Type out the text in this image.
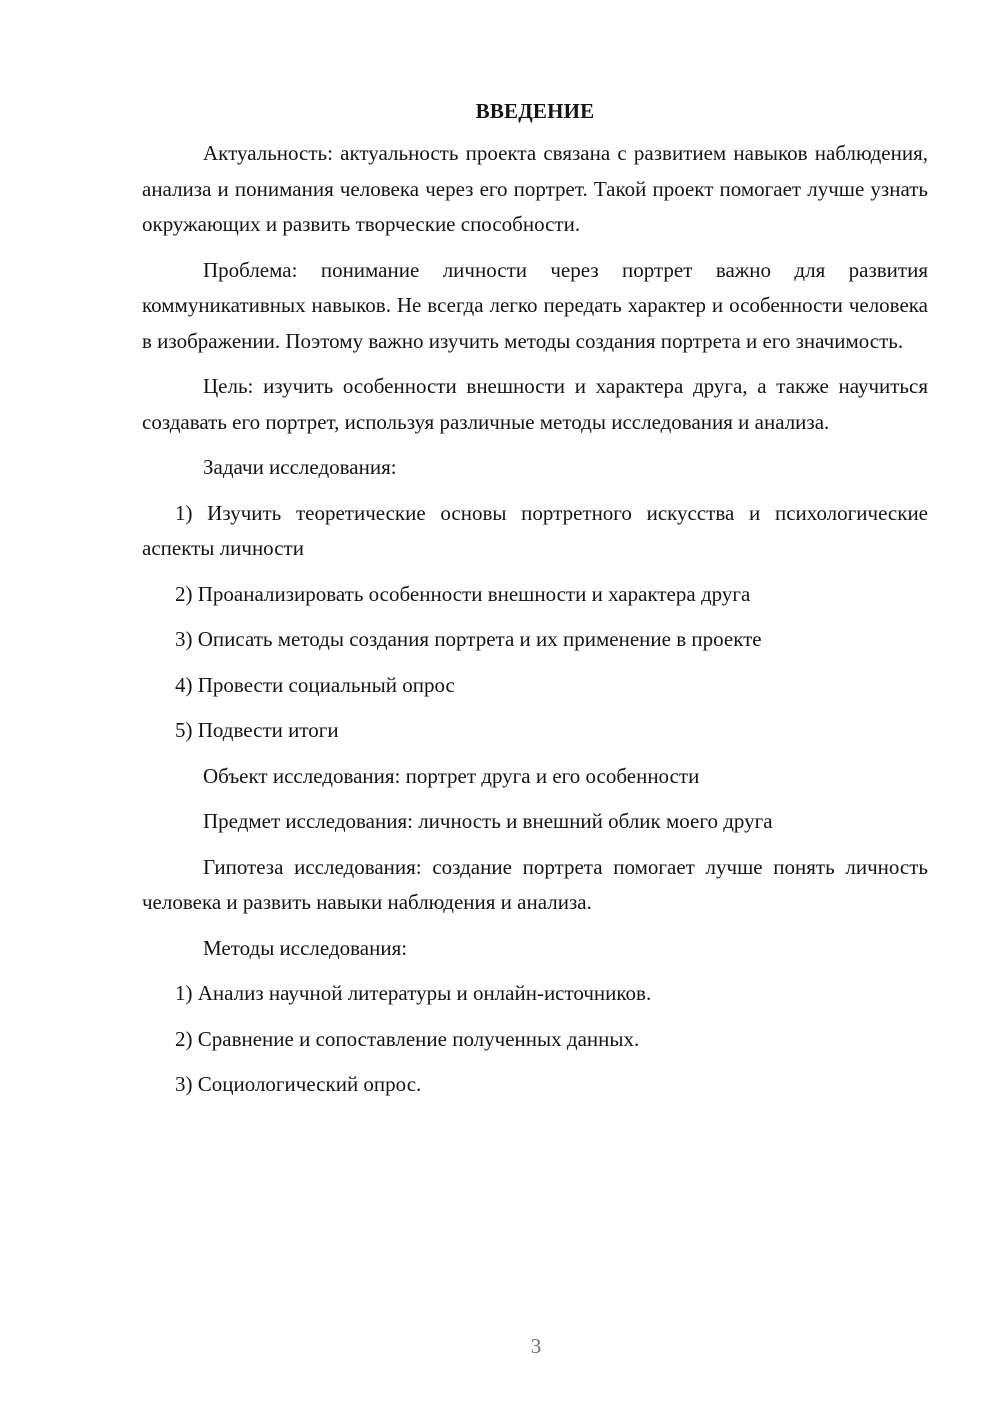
ВВЕДЕНИЕ

Актуальность: актуальность проекта связана с развитием навыков наблюдения, анализа и понимания человека через его портрет. Такой проект помогает лучше узнать окружающих и развить творческие способности.

Проблема: понимание личности через портрет важно для развития коммуникативных навыков. Не всегда легко передать характер и особенности человека в изображении. Поэтому важно изучить методы создания портрета и его значимость.

Цель: изучить особенности внешности и характера друга, а также научиться создавать его портрет, используя различные методы исследования и анализа.

Задачи исследования:
1) Изучить теоретические основы портретного искусства и психологические аспекты личности
2) Проанализировать особенности внешности и характера друга
3) Описать методы создания портрета и их применение в проекте
4) Провести социальный опрос
5) Подвести итоги
Объект исследования: портрет друга и его особенности
Предмет исследования: личность и внешний облик моего друга

Гипотеза исследования: создание портрета помогает лучше понять личность человека и развить навыки наблюдения и анализа.

Методы исследования:
1) Анализ научной литературы и онлайн-источников.
2) Сравнение и сопоставление полученных данных.
3) Социологический опрос.
3
